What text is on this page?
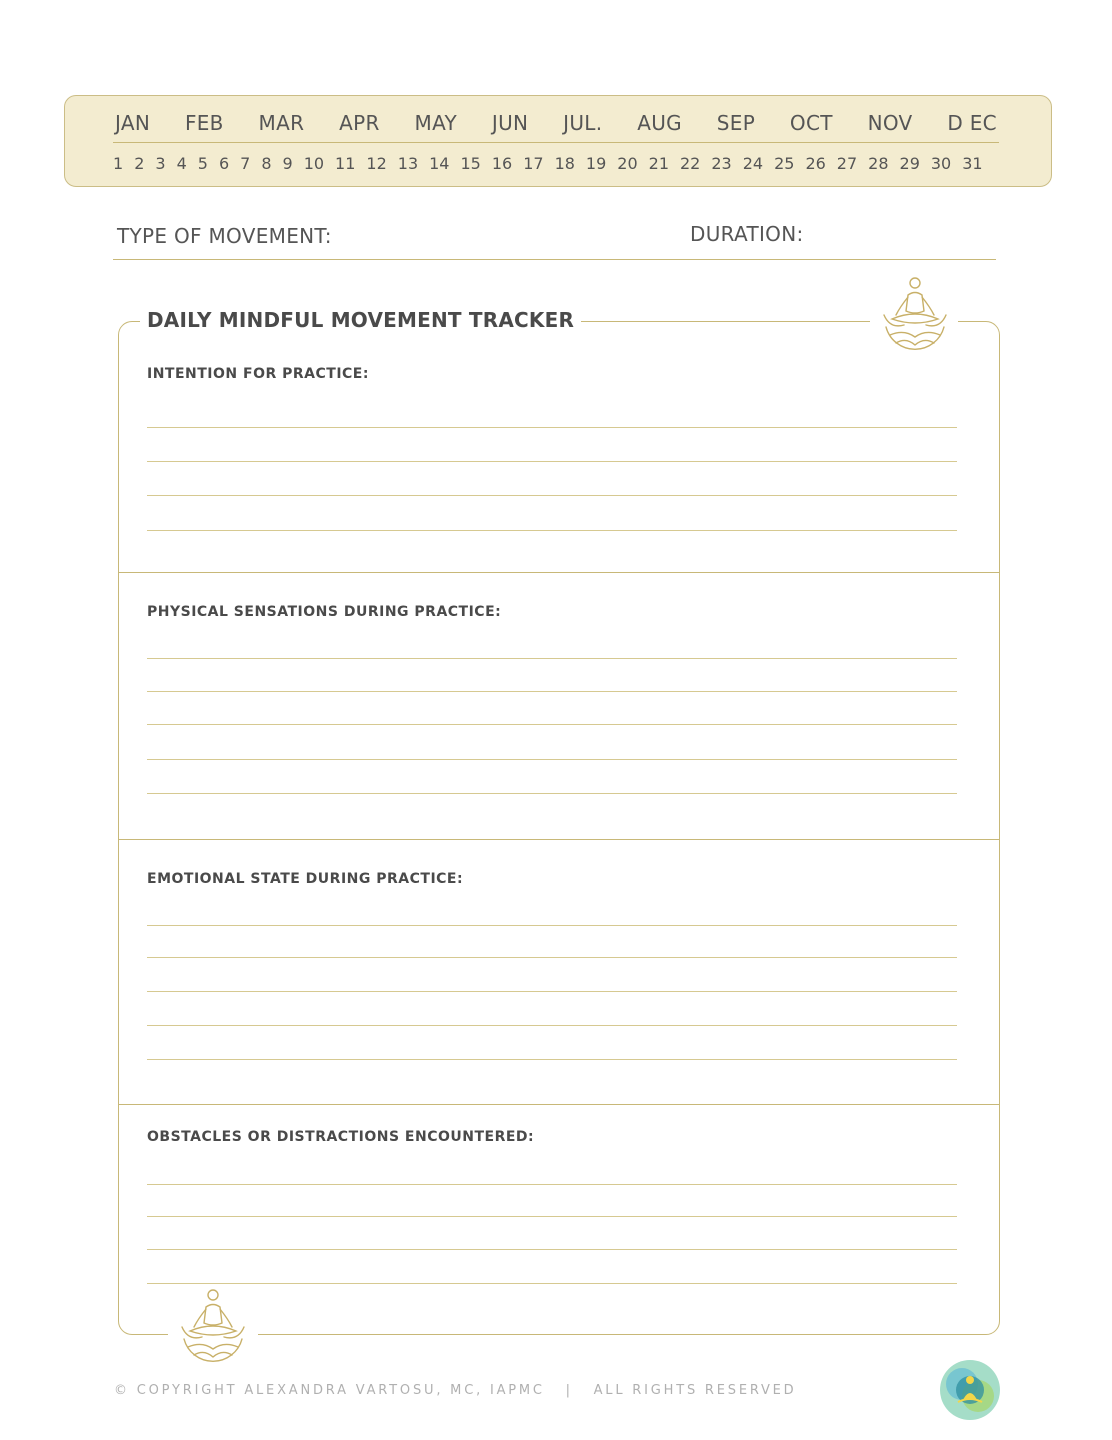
JAN FEB MAR APR MAY JUN JUL. AUG SEP OCT NOV D EC
1 2 3 4 5 6 7 8 9 10 11 12 13 14 15 16 17 18 19 20 21 22 23 24 25 26 27 28 29 30 31
TYPE OF MOVEMENT:	DURATION:
DAILY MINDFUL MOVEMENT TRACKER
INTENTION FOR PRACTICE:
PHYSICAL SENSATIONS DURING PRACTICE:
EMOTIONAL STATE DURING PRACTICE:
OBSTACLES OR DISTRACTIONS ENCOUNTERED:
© COPYRIGHT ALEXANDRA VARTOSU, MC, IAPMC   |   ALL RIGHTS RESERVED
